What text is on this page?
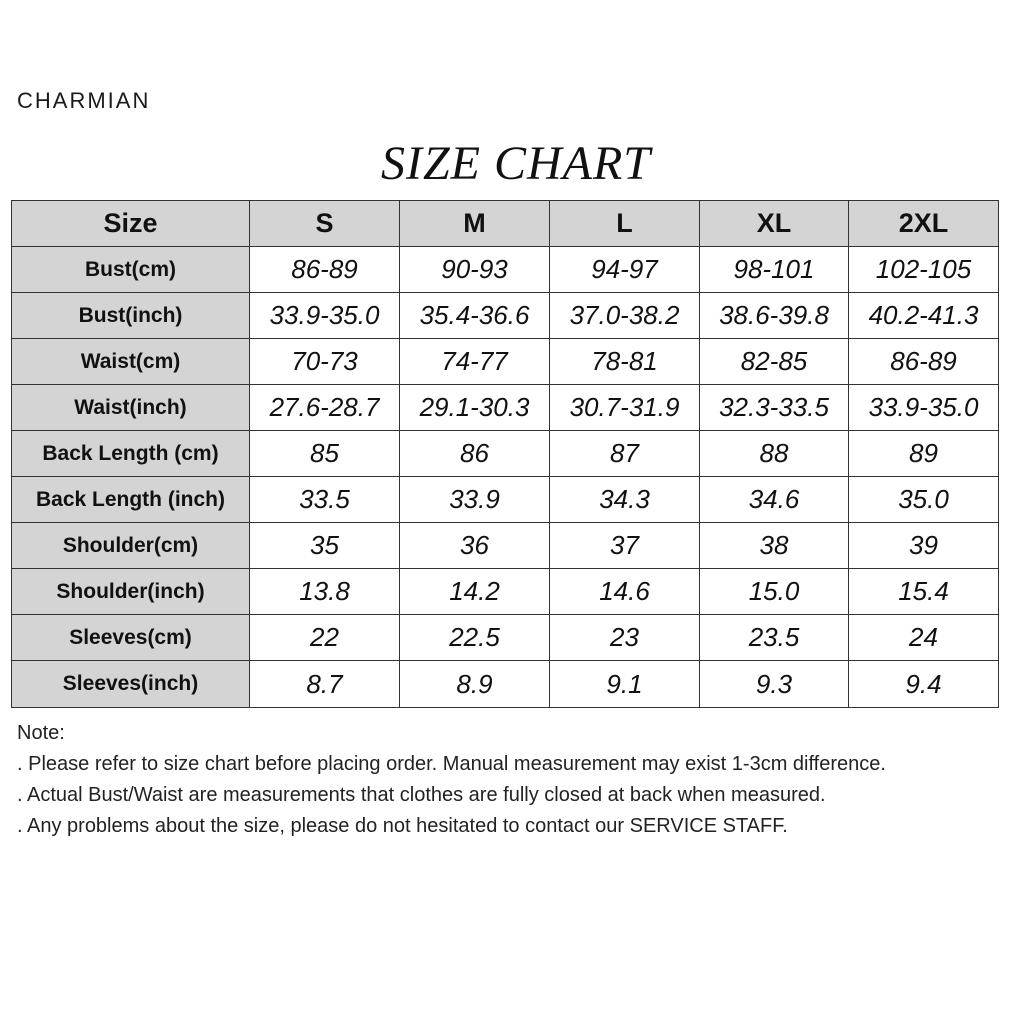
CHARMIAN
SIZE CHART
Size	S	M	L	XL	2XL
Bust(cm)	86-89	90-93	94-97	98-101	102-105
Bust(inch)	33.9-35.0	35.4-36.6	37.0-38.2	38.6-39.8	40.2-41.3
Waist(cm)	70-73	74-77	78-81	82-85	86-89
Waist(inch)	27.6-28.7	29.1-30.3	30.7-31.9	32.3-33.5	33.9-35.0
Back Length (cm)	85	86	87	88	89
Back Length (inch)	33.5	33.9	34.3	34.6	35.0
Shoulder(cm)	35	36	37	38	39
Shoulder(inch)	13.8	14.2	14.6	15.0	15.4
Sleeves(cm)	22	22.5	23	23.5	24
Sleeves(inch)	8.7	8.9	9.1	9.3	9.4

Note:

. Please refer to size chart before placing order. Manual measurement may exist 1-3cm difference.

. Actual Bust/Waist are measurements that clothes are fully closed at back when measured.

. Any problems about the size, please do not hesitated to contact our SERVICE STAFF.
